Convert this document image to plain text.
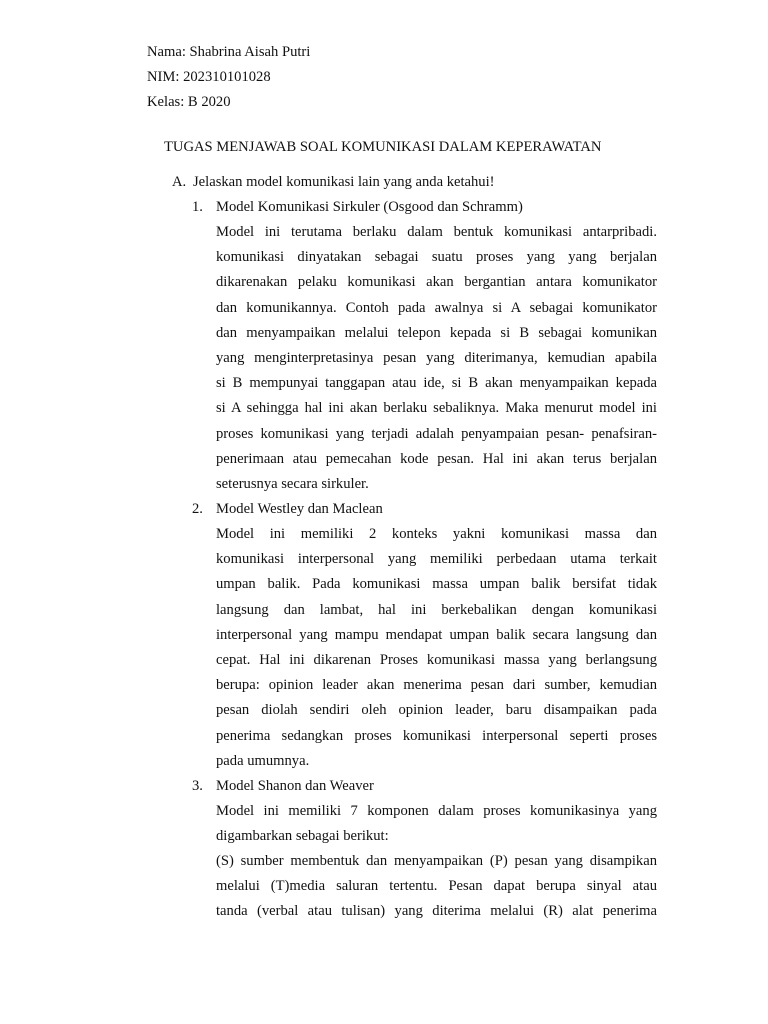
Nama: Shabrina Aisah Putri
NIM: 202310101028
Kelas: B 2020
TUGAS MENJAWAB SOAL KOMUNIKASI DALAM KEPERAWATAN
A. Jelaskan model komunikasi lain yang anda ketahui!
1. Model Komunikasi Sirkuler (Osgood dan Schramm)
Model ini terutama berlaku dalam bentuk komunikasi antarpribadi.
komunikasi dinyatakan sebagai suatu proses yang yang berjalan
dikarenakan pelaku komunikasi akan bergantian antara komunikator
dan komunikannya. Contoh pada awalnya si A sebagai komunikator
dan menyampaikan melalui telepon kepada si B sebagai komunikan
yang menginterpretasinya pesan yang diterimanya, kemudian apabila
si B mempunyai tanggapan atau ide, si B akan menyampaikan kepada
si A sehingga hal ini akan berlaku sebaliknya. Maka menurut model ini
proses komunikasi yang terjadi adalah penyampaian pesan- penafsiran-
penerimaan atau pemecahan kode pesan. Hal ini akan terus berjalan
seterusnya secara sirkuler.
2. Model Westley dan Maclean
Model ini memiliki 2 konteks yakni komunikasi massa dan
komunikasi interpersonal yang memiliki perbedaan utama terkait
umpan balik. Pada komunikasi massa umpan balik bersifat tidak
langsung dan lambat, hal ini berkebalikan dengan komunikasi
interpersonal yang mampu mendapat umpan balik secara langsung dan
cepat. Hal ini dikarenan Proses komunikasi massa yang berlangsung
berupa: opinion leader akan menerima pesan dari sumber, kemudian
pesan diolah sendiri oleh opinion leader, baru disampaikan pada
penerima sedangkan proses komunikasi interpersonal seperti proses
pada umumnya.
3. Model Shanon dan Weaver
Model ini memiliki 7 komponen dalam proses komunikasinya yang
digambarkan sebagai berikut:
(S) sumber membentuk dan menyampaikan (P) pesan yang disampikan
melalui (T)media saluran tertentu. Pesan dapat berupa sinyal atau
tanda (verbal atau tulisan) yang diterima melalui (R) alat penerima
